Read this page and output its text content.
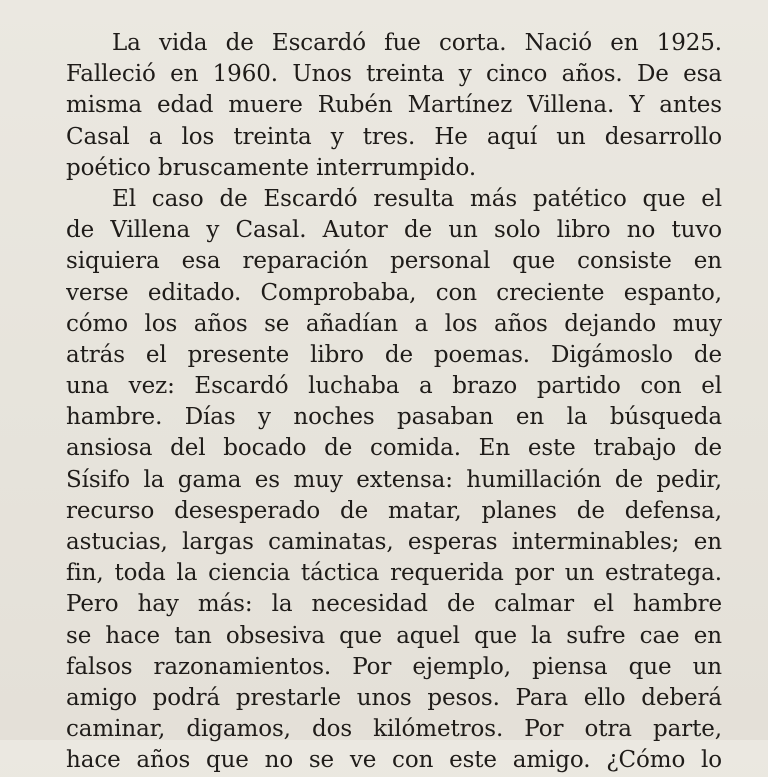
La vida de Escardó fue corta. Nació en 1925.
Falleció en 1960. Unos treinta y cinco años. De esa
misma edad muere Rubén Martínez Villena. Y antes
Casal a los treinta y tres. He aquí un desarrollo
poético bruscamente interrumpido.
El caso de Escardó resulta más patético que el
de Villena y Casal. Autor de un solo libro no tuvo
siquiera esa reparación personal que consiste en
verse editado. Comprobaba, con creciente espanto,
cómo los años se añadían a los años dejando muy
atrás el presente libro de poemas. Digámoslo de
una vez: Escardó luchaba a brazo partido con el
hambre. Días y noches pasaban en la búsqueda
ansiosa del bocado de comida. En este trabajo de
Sísifo la gama es muy extensa: humillación de pedir,
recurso desesperado de matar, planes de defensa,
astucias, largas caminatas, esperas interminables; en
fin, toda la ciencia táctica requerida por un estratega.
Pero hay más: la necesidad de calmar el hambre
se hace tan obsesiva que aquel que la sufre cae en
falsos razonamientos. Por ejemplo, piensa que un
amigo podrá prestarle unos pesos. Para ello deberá
caminar, digamos, dos kilómetros. Por otra parte,
hace años que no se ve con este amigo. ¿Cómo lo
